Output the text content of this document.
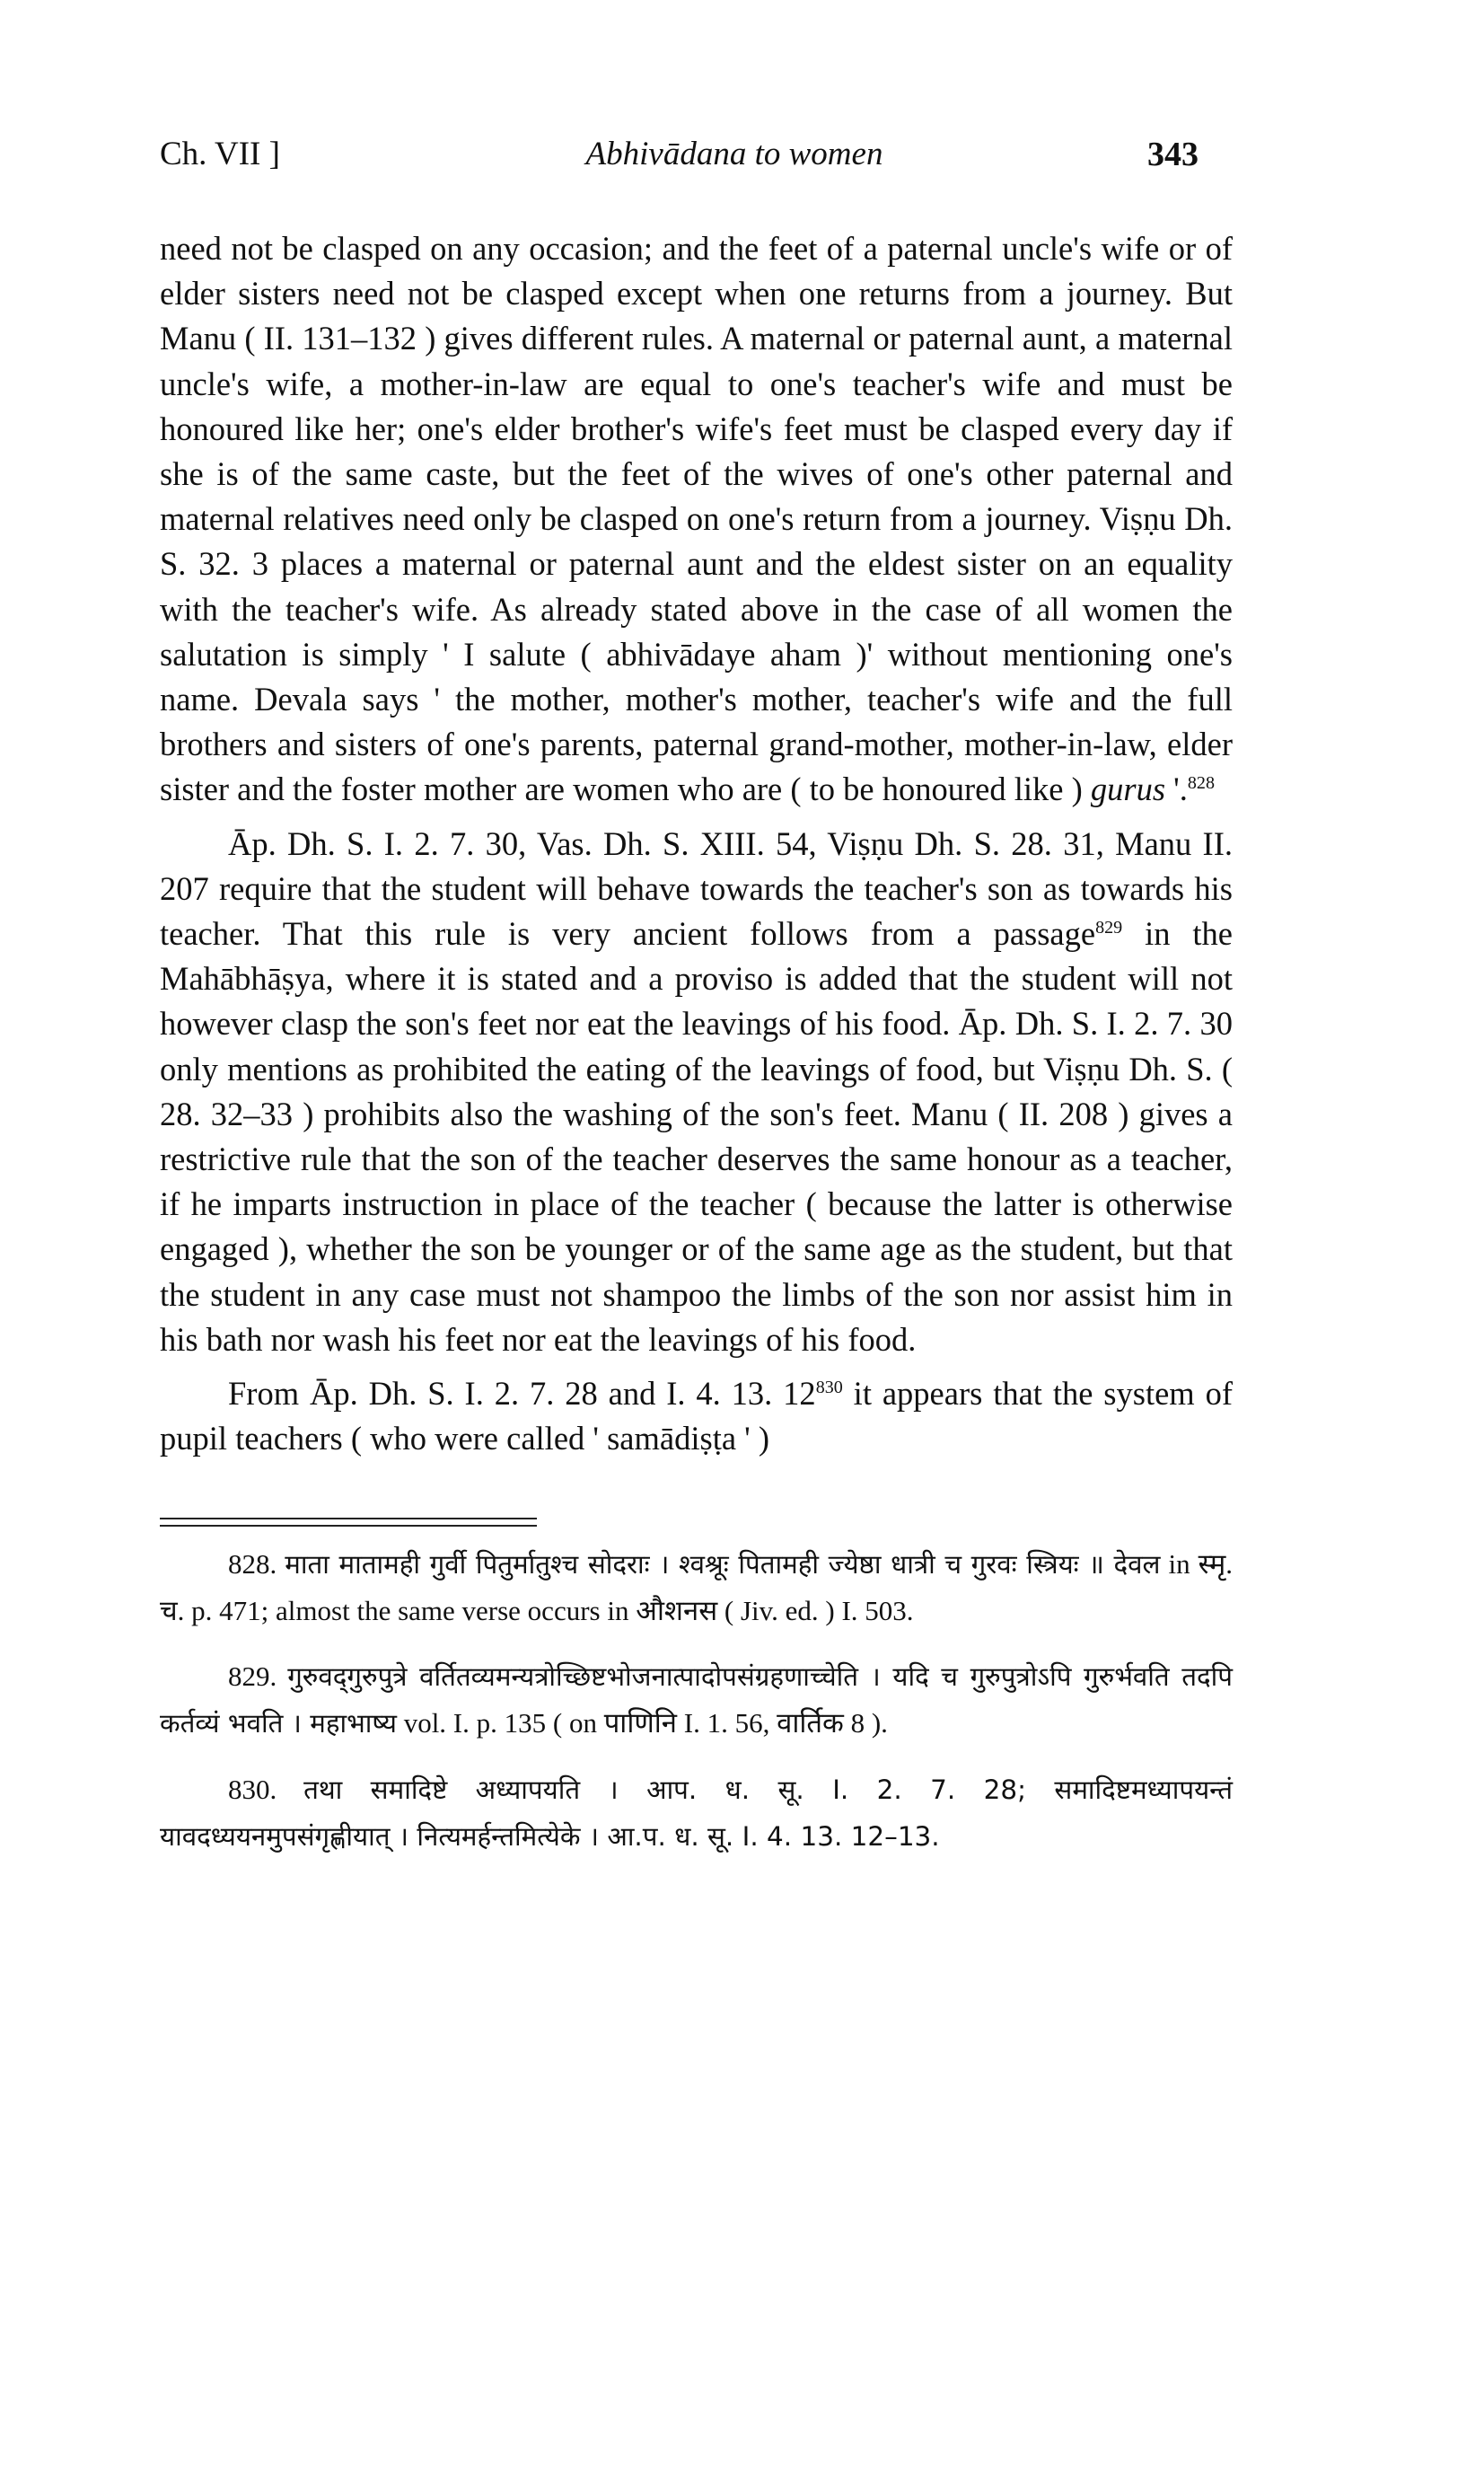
Ch. VII ]	Abhivādana to women	343

need not be clasped on any occasion; and the feet of a paternal uncle's wife or of elder sisters need not be clasped except when one returns from a journey. But Manu ( II. 131–132 ) gives different rules. A maternal or paternal aunt, a maternal uncle's wife, a mother-in-law are equal to one's teacher's wife and must be honoured like her; one's elder brother's wife's feet must be clasped every day if she is of the same caste, but the feet of the wives of one's other paternal and maternal relatives need only be clasped on one's return from a journey. Viṣṇu Dh. S. 32. 3 places a maternal or paternal aunt and the eldest sister on an equality with the teacher's wife. As already stated above in the case of all women the salutation is simply ' I salute ( abhivādaye aham )' without mentioning one's name. Devala says ' the mother, mother's mother, teacher's wife and the full brothers and sisters of one's parents, paternal grand-mother, mother-in-law, elder sister and the foster mother are women who are ( to be honoured like ) gurus '.$^{828}$

Āp. Dh. S. I. 2. 7. 30, Vas. Dh. S. XIII. 54, Viṣṇu Dh. S. 28. 31, Manu II. 207 require that the student will behave towards the teacher's son as towards his teacher. That this rule is very ancient follows from a passage$^{829}$ in the Mahābhāṣya, where it is stated and a proviso is added that the student will not however clasp the son's feet nor eat the leavings of his food. Āp. Dh. S. I. 2. 7. 30 only mentions as prohibited the eating of the leavings of food, but Viṣṇu Dh. S. ( 28. 32–33 ) prohibits also the washing of the son's feet. Manu ( II. 208 ) gives a restrictive rule that the son of the teacher deserves the same honour as a teacher, if he imparts instruction in place of the teacher ( because the latter is otherwise engaged ), whether the son be younger or of the same age as the student, but that the student in any case must not shampoo the limbs of the son nor assist him in his bath nor wash his feet nor eat the leavings of his food.

From Āp. Dh. S. I. 2. 7. 28 and I. 4. 13. $12^{830}$ it appears that the system of pupil teachers ( who were called ' samādiṣṭa ' )

828. माता मातामही गुर्वी पितुर्मातुश्च सोदराः । श्वश्रूः पितामही ज्येष्ठा धात्री च गुरवः स्त्रियः ॥ देवल in स्मृ. च. p. 471; almost the same verse occurs in औशनस ( Jiv. ed. ) I. 503.

829. गुरुवद्‌गुरुपुत्रे वर्तितव्यमन्यत्रोच्छिष्टभोजनात्पादोपसंग्रहणाच्चेति । यदि च गुरुपुत्रोऽपि गुरुर्भवति तदपि कर्तव्यं भवति । महाभाष्य vol. I. p. 135 ( on पाणिनि I. 1. 56, वार्तिक 8 ).

830. तथा समादिष्टे अध्यापयति । आप. ध. सू. I. 2. 7. 28; समादिष्टमध्यापयन्तं यावदध्ययनमुपसंगृह्णीयात् । नित्यमर्हन्तमित्येके । आ.प. ध. सू. I. 4. 13. 12–13.
